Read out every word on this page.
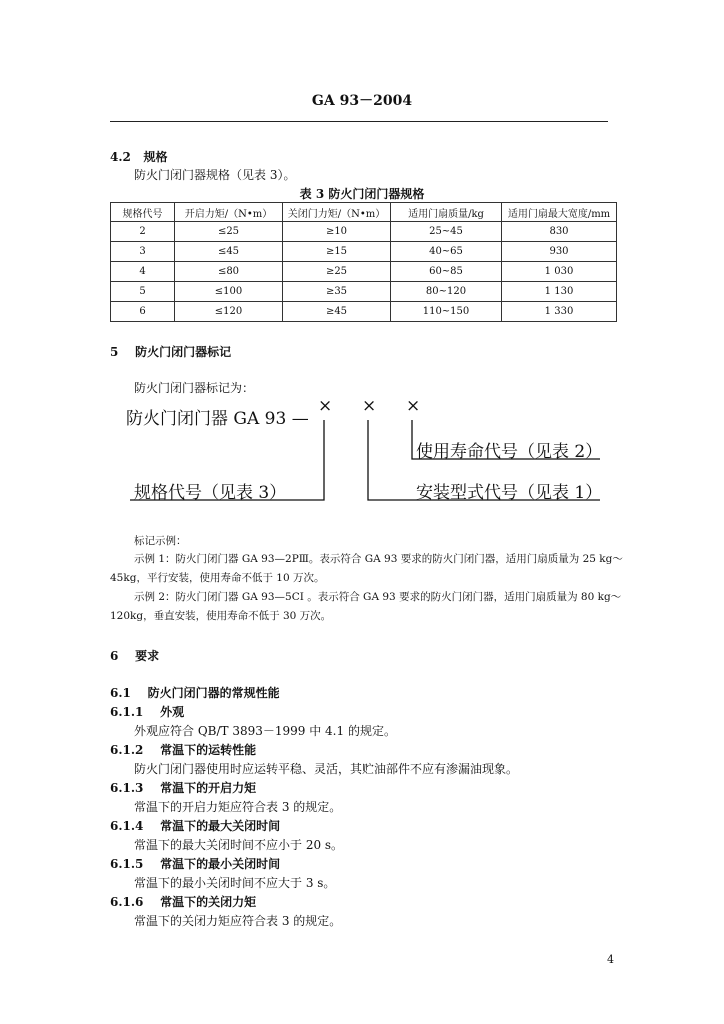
GA 93－2004
4.2 规格
防火门闭门器规格（见表 3）。
表 3 防火门闭门器规格
规格代号	开启力矩/（N•m）	关闭门力矩/（N•m）	适用门扇质量/kg	适用门扇最大宽度/mm
2	≤25	≥10	25~45	830
3	≤45	≥15	40~65	930
4	≤80	≥25	60~85	1 030
5	≤100	≥35	80~120	1 130
6	≤120	≥45	110~150	1 330
5 防火门闭门器标记
防火门闭门器标记为：
防火门闭门器 GA 93 —
× × ×
使用寿命代号（见表 2）
规格代号（见表 3）	安装型式代号（见表 1）
标记示例：
示例 1：防火门闭门器 GA 93—2PⅢ。表示符合 GA 93 要求的防火门闭门器，适用门扇质量为 25 kg～
45kg，平行安装，使用寿命不低于 10 万次。
示例 2：防火门闭门器 GA 93—5CⅠ 。表示符合 GA 93 要求的防火门闭门器，适用门扇质量为 80 kg～
120kg，垂直安装，使用寿命不低于 30 万次。
6 要求
6.1 防火门闭门器的常规性能
6.1.1 外观
外观应符合 QB/T 3893－1999 中 4.1 的规定。
6.1.2 常温下的运转性能
防火门闭门器使用时应运转平稳、灵活，其贮油部件不应有渗漏油现象。
6.1.3 常温下的开启力矩
常温下的开启力矩应符合表 3 的规定。
6.1.4 常温下的最大关闭时间
常温下的最大关闭时间不应小于 20 s。
6.1.5 常温下的最小关闭时间
常温下的最小关闭时间不应大于 3 s。
6.1.6 常温下的关闭力矩
常温下的关闭力矩应符合表 3 的规定。
4
